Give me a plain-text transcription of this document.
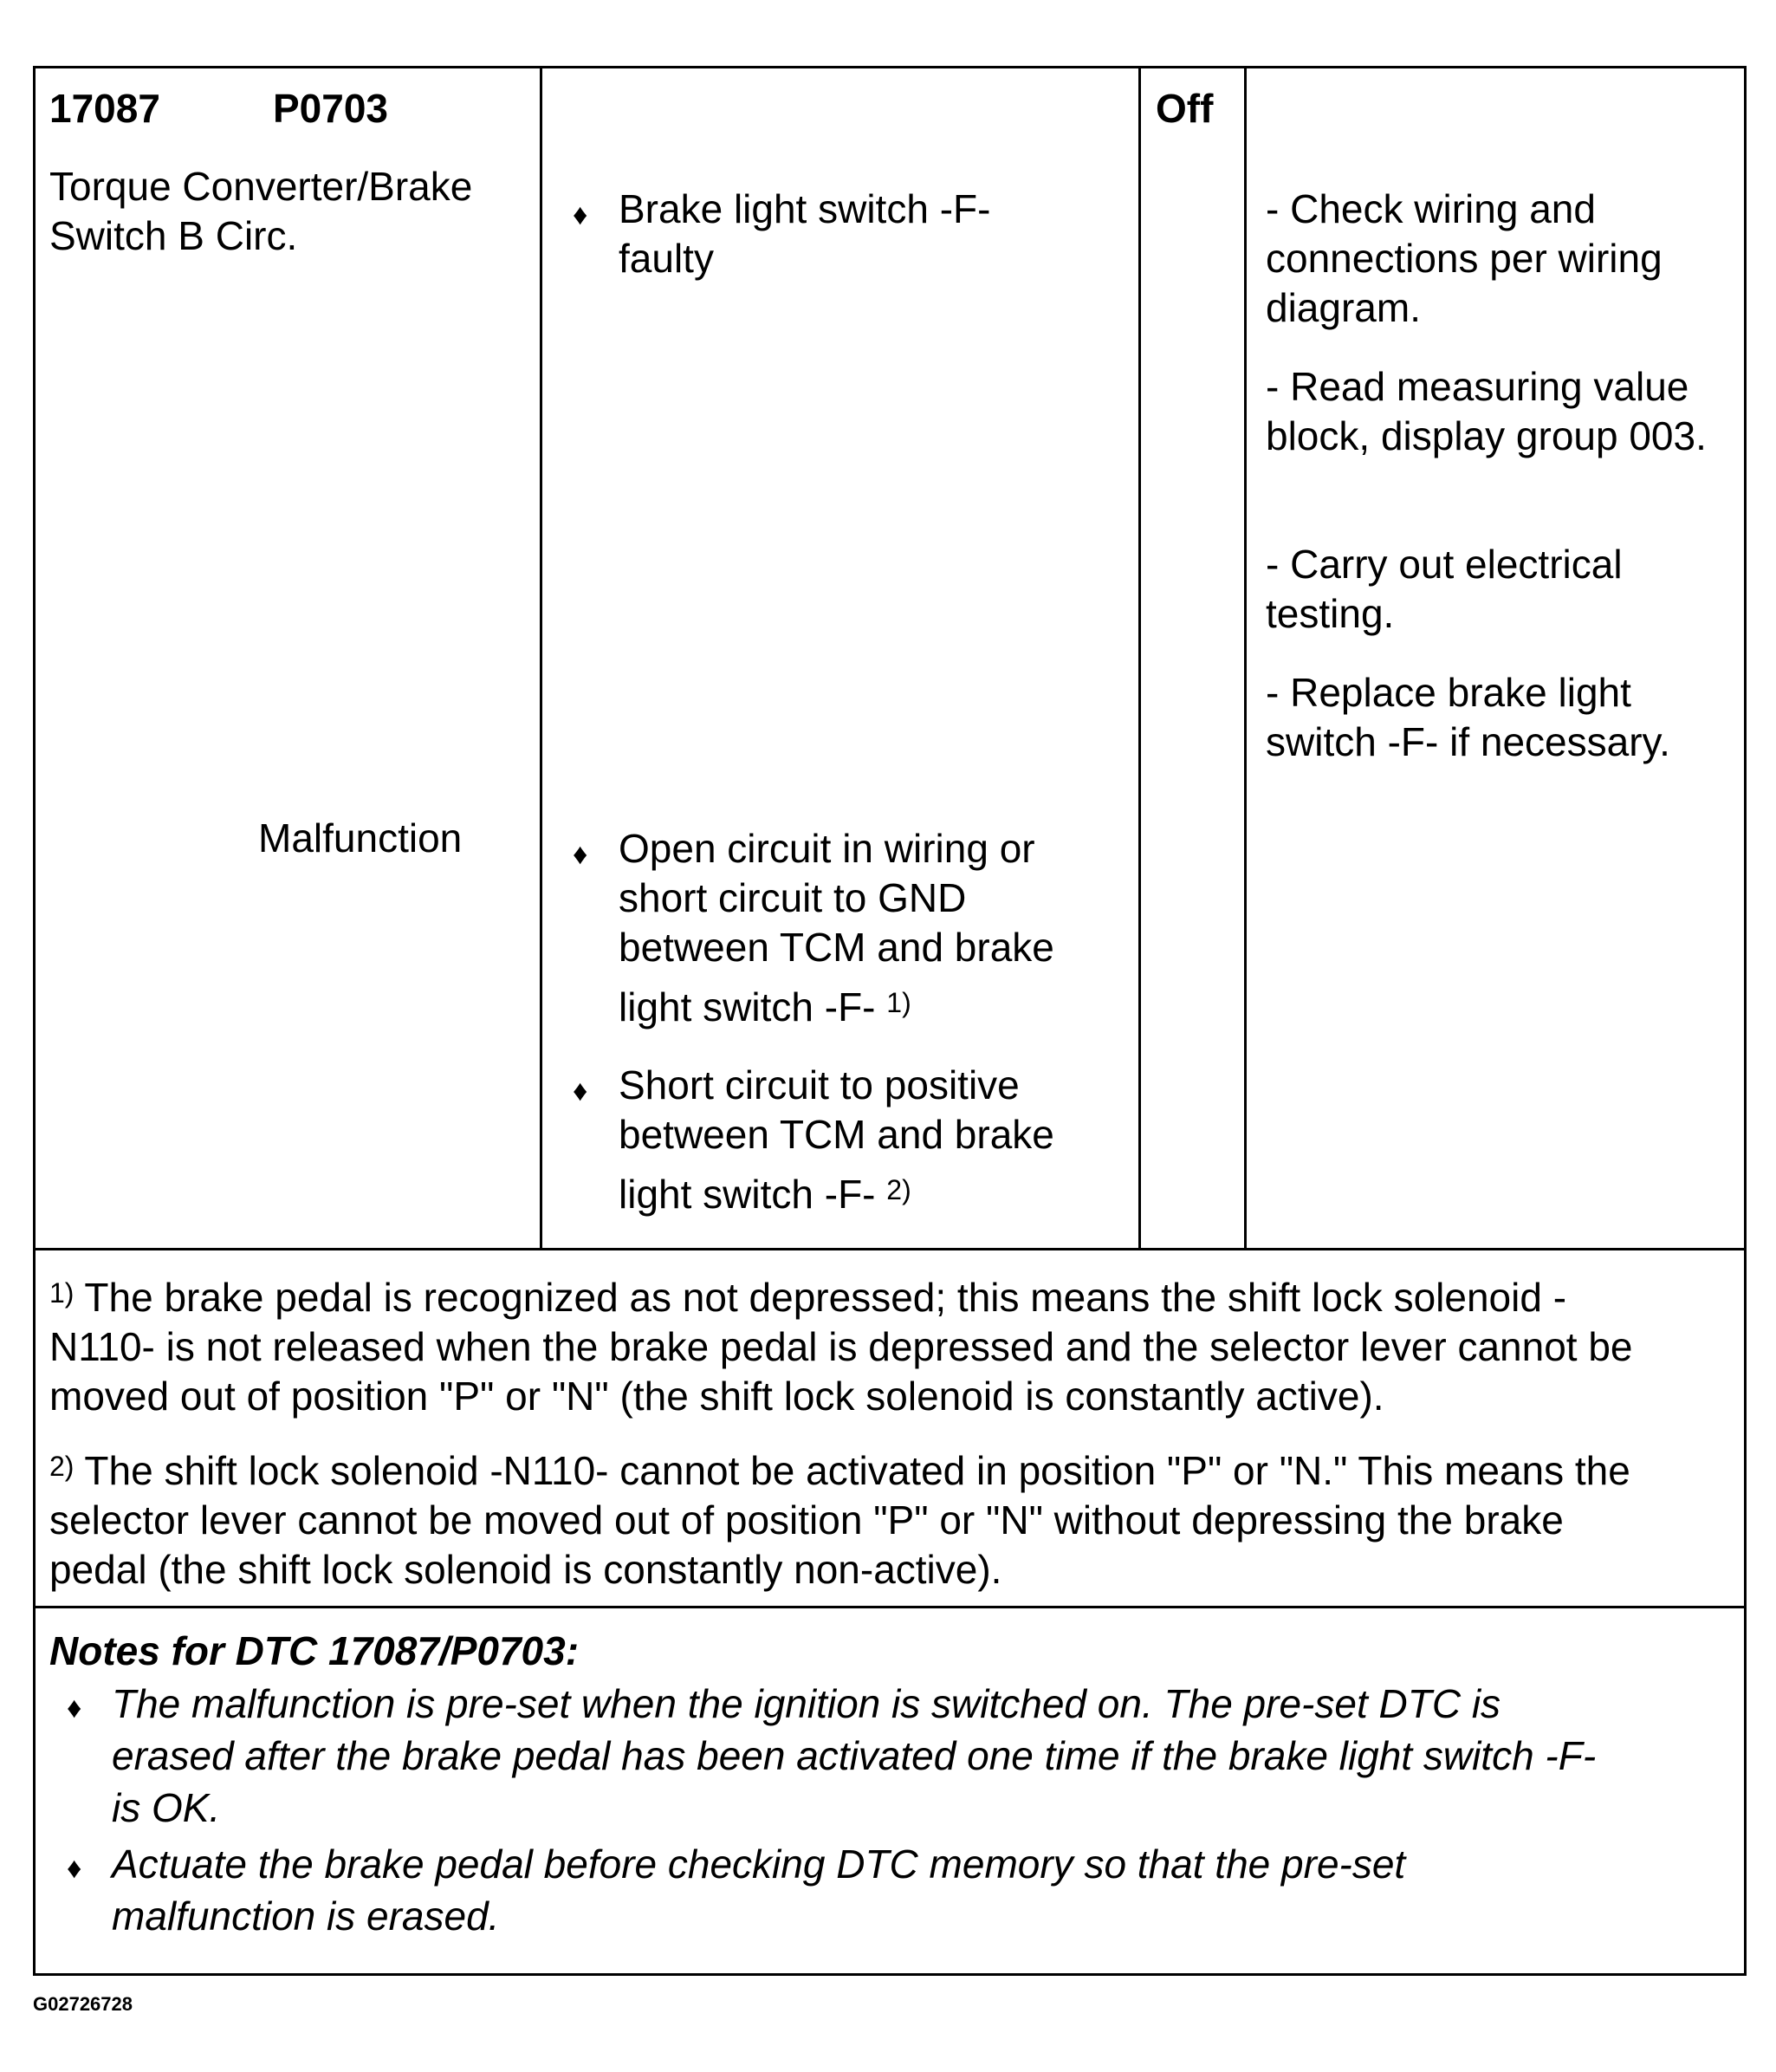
17087	P0703
Torque Converter/Brake
Switch B Circ.
Malfunction
♦ Brake light switch -F-
faulty
♦ Open circuit in wiring or
short circuit to GND
between TCM and brake
light switch -F- $^{1)}$
♦ Short circuit to positive
between TCM and brake
light switch -F- $^{2)}$
Off
- Check wiring and
connections per wiring
diagram.
- Read measuring value
block, display group 003.
- Carry out electrical
testing.
- Replace brake light
switch -F- if necessary.
$^{1)}$ The brake pedal is recognized as not depressed; this means the shift lock solenoid -
N110- is not released when the brake pedal is depressed and the selector lever cannot be
moved out of position "P" or "N" (the shift lock solenoid is constantly active).
$^{2)}$ The shift lock solenoid -N110- cannot be activated in position "P" or "N." This means the
selector lever cannot be moved out of position "P" or "N" without depressing the brake
pedal (the shift lock solenoid is constantly non-active).
Notes for DTC 17087/P0703:
♦ The malfunction is pre-set when the ignition is switched on. The pre-set DTC is
erased after the brake pedal has been activated one time if the brake light switch -F-
is OK.
♦ Actuate the brake pedal before checking DTC memory so that the pre-set
malfunction is erased.
G02726728
